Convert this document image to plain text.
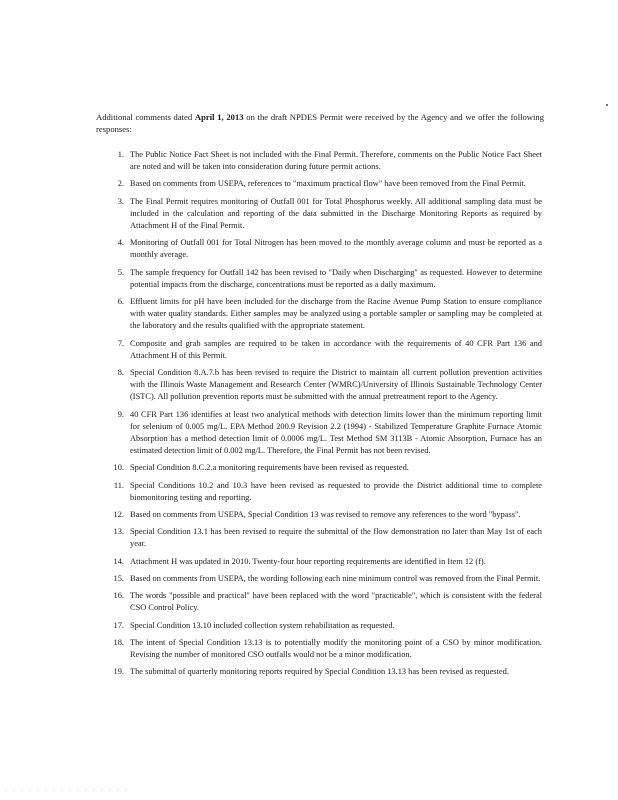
Additional comments dated April 1, 2013 on the draft NPDES Permit were received by the Agency and we offer the following responses:

1. The Public Notice Fact Sheet is not included with the Final Permit. Therefore, comments on the Public Notice Fact Sheet are noted and will be taken into consideration during future permit actions.
2. Based on comments from USEPA, references to "maximum practical flow" have been removed from the Final Permit.
3. The Final Permit requires monitoring of Outfall 001 for Total Phosphorus weekly. All additional sampling data must be included in the calculation and reporting of the data submitted in the Discharge Monitoring Reports as required by Attachment H of the Final Permit.
4. Monitoring of Outfall 001 for Total Nitrogen has been moved to the monthly average column and must be reported as a monthly average.
5. The sample frequency for Outfall 142 has been revised to "Daily when Discharging" as requested. However to determine potential impacts from the discharge, concentrations must be reported as a daily maximum.
6. Effluent limits for pH have been included for the discharge from the Racine Avenue Pump Station to ensure compliance with water quality standards. Either samples may be analyzed using a portable sampler or sampling may be completed at the laboratory and the results qualified with the appropriate statement.
7. Composite and grab samples are required to be taken in accordance with the requirements of 40 CFR Part 136 and Attachment H of this Permit.
8. Special Condition 8.A.7.b has been revised to require the District to maintain all current pollution prevention activities with the Illinois Waste Management and Research Center (WMRC)/University of Illinois Sustainable Technology Center (ISTC). All pollution prevention reports must be submitted with the annual pretreatment report to the Agency.
9. 40 CFR Part 136 identifies at least two analytical methods with detection limits lower than the minimum reporting limit for selenium of 0.005 mg/L. EPA Method 200.9 Revision 2.2 (1994) - Stabilized Temperature Graphite Furnace Atomic Absorption has a method detection limit of 0.0006 mg/L. Test Method SM 3113B - Atomic Absorption, Furnace has an estimated detection limit of 0.002 mg/L. Therefore, the Final Permit has not been revised.
10. Special Condition 8.C.2.a monitoring requirements have been revised as requested.
11. Special Conditions 10.2 and 10.3 have been revised as requested to provide the District additional time to complete biomonitoring testing and reporting.
12. Based on comments from USEPA, Special Condition 13 was revised to remove any references to the word "bypass".
13. Special Condition 13.1 has been revised to require the submittal of the flow demonstration no later than May 1st of each year.
14. Attachment H was updated in 2010. Twenty-four hour reporting requirements are identified in Item 12 (f).
15. Based on comments from USEPA, the wording following each nine minimum control was removed from the Final Permit.
16. The words "possible and practical" have been replaced with the word "practicable", which is consistent with the federal CSO Control Policy.
17. Special Condition 13.10 included collection system rehabilitation as requested.
18. The intent of Special Condition 13.13 is to potentially modify the monitoring point of a CSO by minor modification. Revising the number of monitored CSO outfalls would not be a minor modification.
19. The submittal of quarterly monitoring reports required by Special Condition 13.13 has been revised as requested.
· · · · · · · · · · · · · · · ·
